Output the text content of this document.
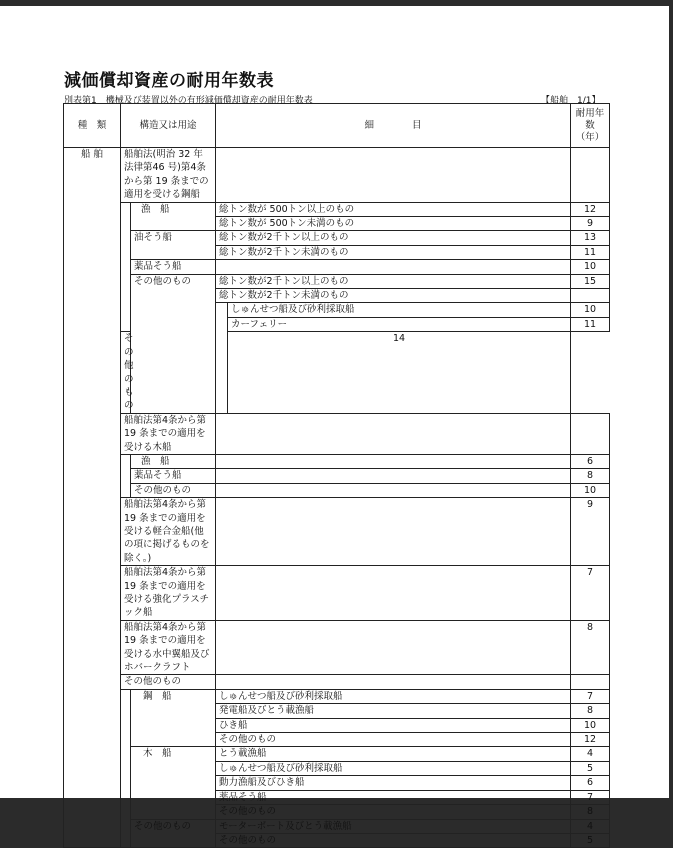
減価償却資産の耐用年数表
別表第1　機械及び装置以外の有形減価償却資産の耐用年数表	【船舶　1/1】
種　類	構造又は用途		細　　　　目		耐用年数（年）
船 舶	船舶法(明治 32 年法律第46 号)第4条から第 19 条までの適用を受ける鋼船				
		漁　船	総トン数が 500トン以上のもの		12
			総トン数が 500トン未満のもの		9
		油そう船	総トン数が2千トン以上のもの		13
			総トン数が2千トン未満のもの		11
		薬品そう船			10
		その他のもの	総トン数が2千トン以上のもの		15
			総トン数が2千トン未満のもの		
				しゅんせつ船及び砂利採取船	10
				カーフェリー	11
	その他のもの			14	
	船舶法第4条から第 19 条までの適用を受ける木船				
		漁　船			6
		薬品そう船			8
		その他のもの			10
	船舶法第4条から第 19 条までの適用を受ける軽合金船(他の項に掲げるものを除く。)				9
	船舶法第4条から第 19 条までの適用を受ける強化プラスチック船				7
	船舶法第4条から第 19 条までの適用を受ける水中翼船及びホバークラフト				8
	その他のもの				
		鋼　船	しゅんせつ船及び砂利採取船		7
			発電船及びとう載漁船		8
			ひき船		10
			その他のもの		12
		木　船	とう載漁船		4
			しゅんせつ船及び砂利採取船		5
			動力漁船及びひき船		6
			薬品そう船		7
			その他のもの		8
		その他のもの	モーターボート及びとう載漁船		4
			その他のもの		5
